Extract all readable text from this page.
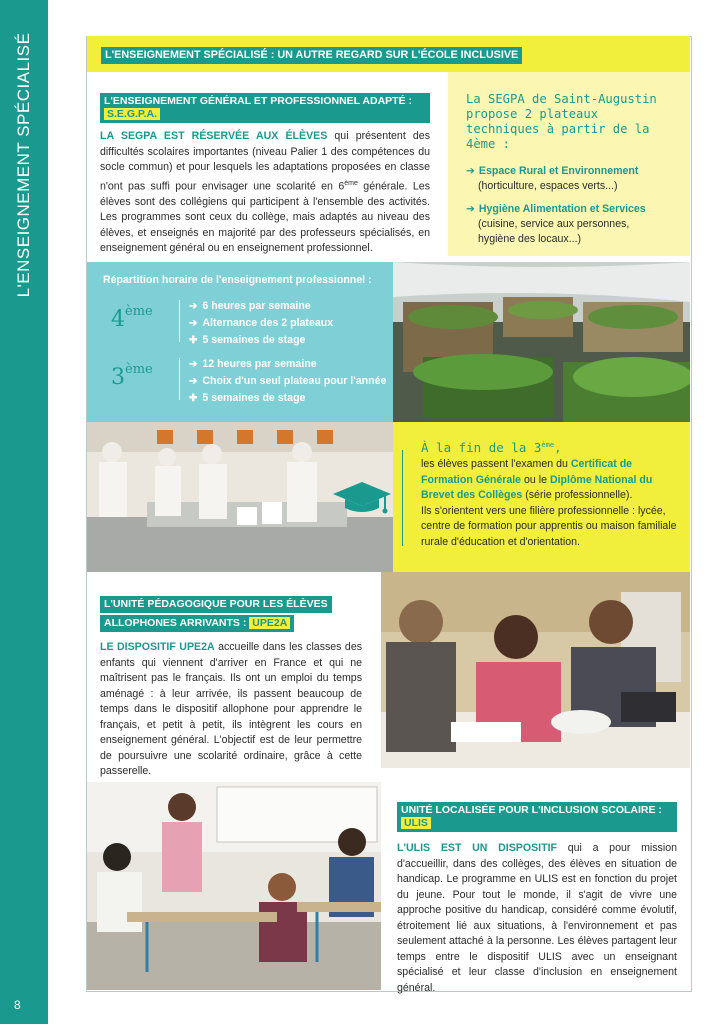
L'ENSEIGNEMENT SPÉCIALISÉ
8
L'ENSEIGNEMENT SPÉCIALISÉ : UN AUTRE REGARD SUR L'ÉCOLE INCLUSIVE
L'ENSEIGNEMENT GÉNÉRAL ET PROFESSIONNEL ADAPTÉ : S.E.G.P.A.

LA SEGPA EST RÉSERVÉE AUX ÉLÈVES qui présentent des difficultés scolaires importantes (niveau Palier 1 des compétences du socle commun) et pour lesquels les adaptations proposées en classe n'ont pas suffi pour envisager une scolarité en 6ème générale. Les élèves sont des collégiens qui participent à l'ensemble des activités. Les programmes sont ceux du collège, mais adaptés au niveau des élèves, et enseignés en majorité par des professeurs spécialisés, en enseignement général ou en enseignement professionnel.

La SEGPA de Saint-Augustin propose 2 plateaux techniques à partir de la 4ème :
➔ Espace Rural et Environnement
(horticulture, espaces verts...)
➔ Hygiène Alimentation et Services
(cuisine, service aux personnes, hygiène des locaux...)
Répartition horaire de l'enseignement professionnel :
4ème	➔ 6 heures par semaine
➔ Alternance des 2 plateaux
✚ 5 semaines de stage
3ème	➔ 12 heures par semaine
➔ Choix d'un seul plateau pour l'année
✚ 5 semaines de stage
À la fin de la 3ème,
les élèves passent l'examen du Certificat de Formation Générale ou le Diplôme National du Brevet des Collèges (série professionnelle).
Ils s'orientent vers une filière professionnelle : lycée, centre de formation pour apprentis ou maison familiale rurale d'éducation et d'orientation.
L'UNITÉ PÉDAGOGIQUE POUR LES ÉLÈVES
ALLOPHONES ARRIVANTS : UPE2A

LE DISPOSITIF UPE2A accueille dans les classes des enfants qui viennent d'arriver en France et qui ne maîtrisent pas le français. Ils ont un emploi du temps aménagé : à leur arrivée, ils passent beaucoup de temps dans le dispositif allophone pour apprendre le français, et petit à petit, ils intègrent les cours en enseignement général. L'objectif est de leur permettre de poursuivre une scolarité ordinaire, grâce à cette passerelle.

UNITÉ LOCALISÉE POUR L'INCLUSION SCOLAIRE : ULIS

L'ULIS EST UN DISPOSITIF qui a pour mission d'accueillir, dans des collèges, des élèves en situation de handicap. Le programme en ULIS est en fonction du projet du jeune. Pour tout le monde, il s'agit de vivre une approche positive du handicap, considéré comme évolutif, étroitement lié aux situations, à l'environnement et pas seulement attaché à la personne. Les élèves partagent leur temps entre le dispositif ULIS avec un enseignant spécialisé et leur classe d'inclusion en enseignement général.
